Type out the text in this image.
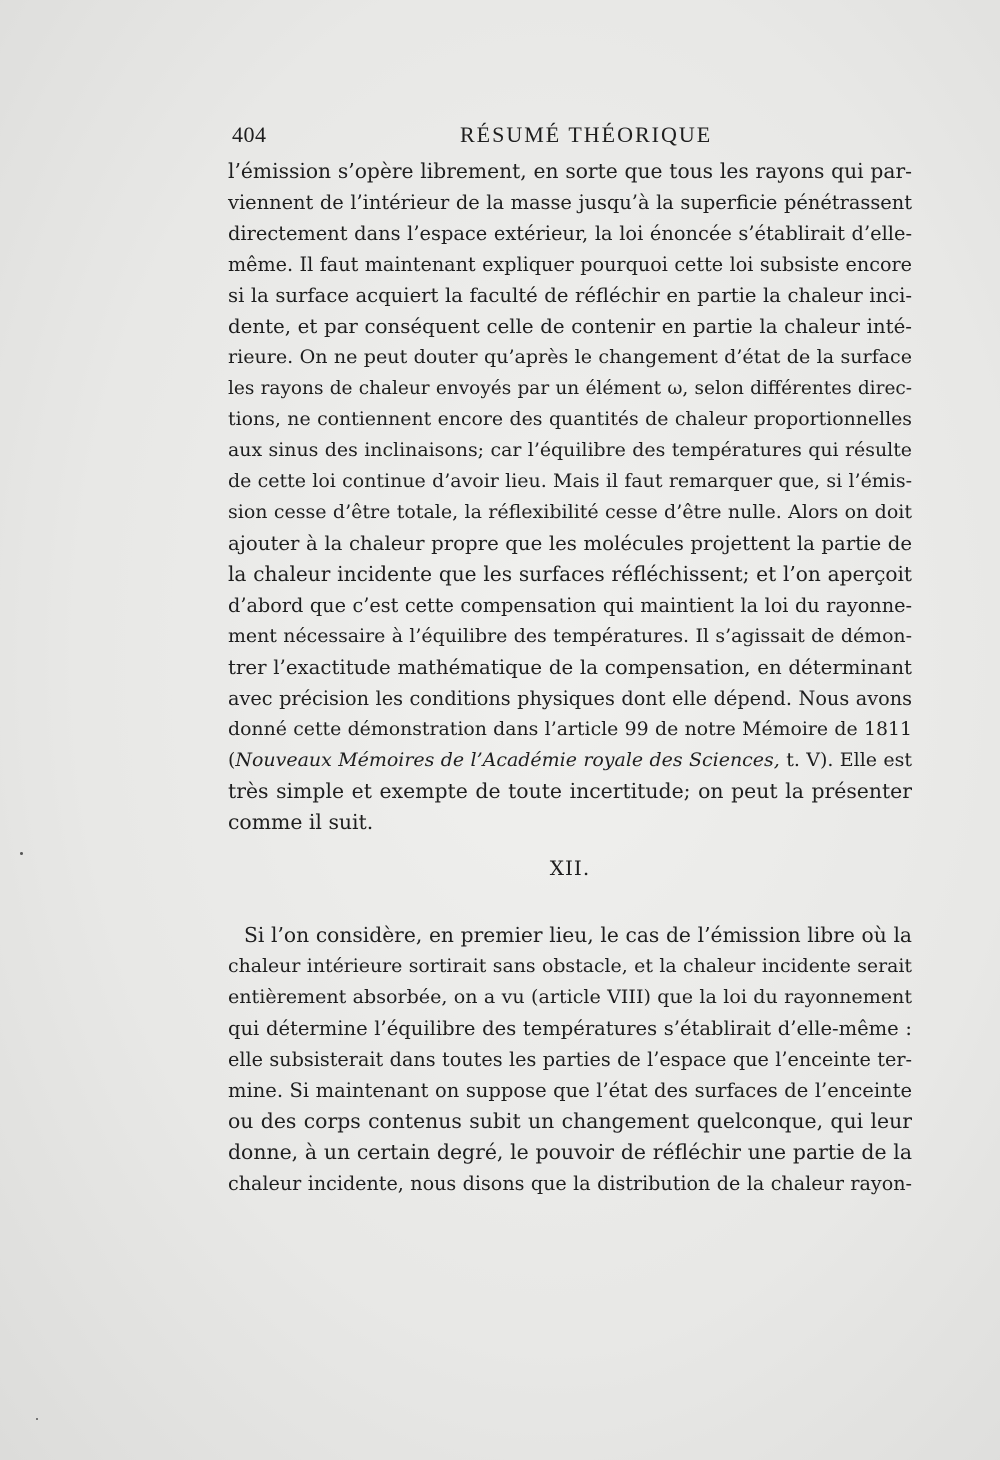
404	RÉSUMÉ THÉORIQUE
l’émission s’opère librement, en sorte que tous les rayons qui par-
viennent de l’intérieur de la masse jusqu’à la superficie pénétrassent
directement dans l’espace extérieur, la loi énoncée s’établirait d’elle-
même. Il faut maintenant expliquer pourquoi cette loi subsiste encore
si la surface acquiert la faculté de réfléchir en partie la chaleur inci-
dente, et par conséquent celle de contenir en partie la chaleur inté-
rieure. On ne peut douter qu’après le changement d’état de la surface
les rayons de chaleur envoyés par un élément ω, selon différentes direc-
tions, ne contiennent encore des quantités de chaleur proportionnelles
aux sinus des inclinaisons; car l’équilibre des températures qui résulte
de cette loi continue d’avoir lieu. Mais il faut remarquer que, si l’émis-
sion cesse d’être totale, la réflexibilité cesse d’être nulle. Alors on doit
ajouter à la chaleur propre que les molécules projettent la partie de
la chaleur incidente que les surfaces réfléchissent; et l’on aperçoit
d’abord que c’est cette compensation qui maintient la loi du rayonne-
ment nécessaire à l’équilibre des températures. Il s’agissait de démon-
trer l’exactitude mathématique de la compensation, en déterminant
avec précision les conditions physiques dont elle dépend. Nous avons
donné cette démonstration dans l’article 99 de notre Mémoire de 1811
(Nouveaux Mémoires de l’Académie royale des Sciences, t. V). Elle est
très simple et exempte de toute incertitude; on peut la présenter
comme il suit.
XII.
Si l’on considère, en premier lieu, le cas de l’émission libre où la
chaleur intérieure sortirait sans obstacle, et la chaleur incidente serait
entièrement absorbée, on a vu (article VIII) que la loi du rayonnement
qui détermine l’équilibre des températures s’établirait d’elle-même :
elle subsisterait dans toutes les parties de l’espace que l’enceinte ter-
mine. Si maintenant on suppose que l’état des surfaces de l’enceinte
ou des corps contenus subit un changement quelconque, qui leur
donne, à un certain degré, le pouvoir de réfléchir une partie de la
chaleur incidente, nous disons que la distribution de la chaleur rayon-
